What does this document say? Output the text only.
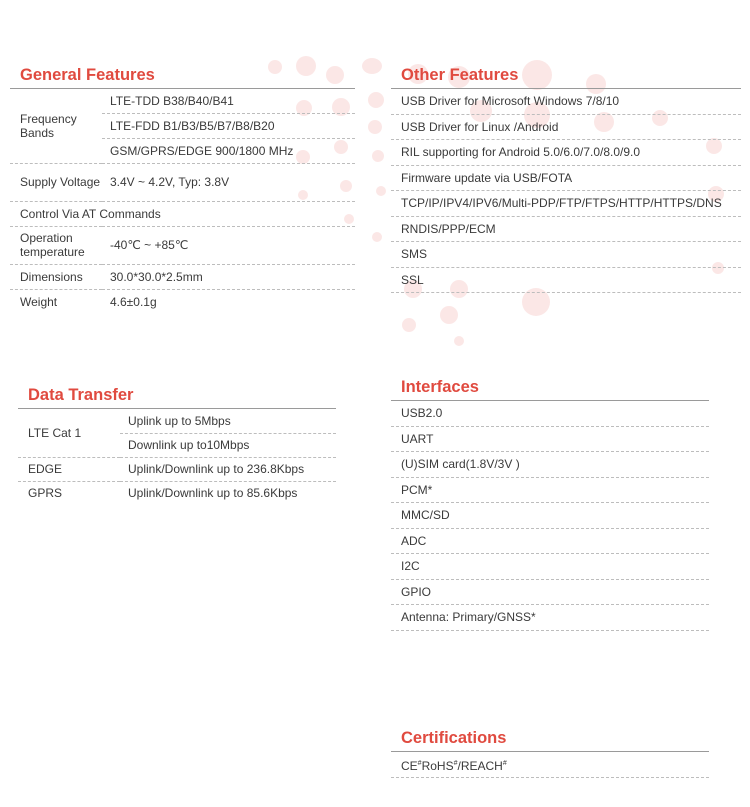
General Features
Frequency Bands	LTE-TDD B38/B40/B41
	LTE-FDD B1/B3/B5/B7/B8/B20
	GSM/GPRS/EDGE 900/1800 MHz
Supply Voltage	3.4V ~ 4.2V, Typ: 3.8V
Control Via AT Commands	
Operation temperature	-40℃ ~ +85℃
Dimensions	30.0*30.0*2.5mm
Weight	4.6±0.1g
Other Features
USB Driver for Microsoft Windows 7/8/10
USB Driver for Linux /Android
RIL supporting for Android 5.0/6.0/7.0/8.0/9.0
Firmware update via USB/FOTA
TCP/IP/IPV4/IPV6/Multi-PDP/FTP/FTPS/HTTP/HTTPS/DNS
RNDIS/PPP/ECM
SMS
SSL
Data Transfer
LTE Cat 1	Uplink up to 5Mbps
	Downlink up to10Mbps
EDGE	Uplink/Downlink up to 236.8Kbps
GPRS	Uplink/Downlink up to 85.6Kbps
Interfaces
USB2.0
UART
(U)SIM card(1.8V/3V )
PCM*
MMC/SD
ADC
I2C
GPIO
Antenna: Primary/GNSS*
Certifications
CE#RoHS#/REACH#
